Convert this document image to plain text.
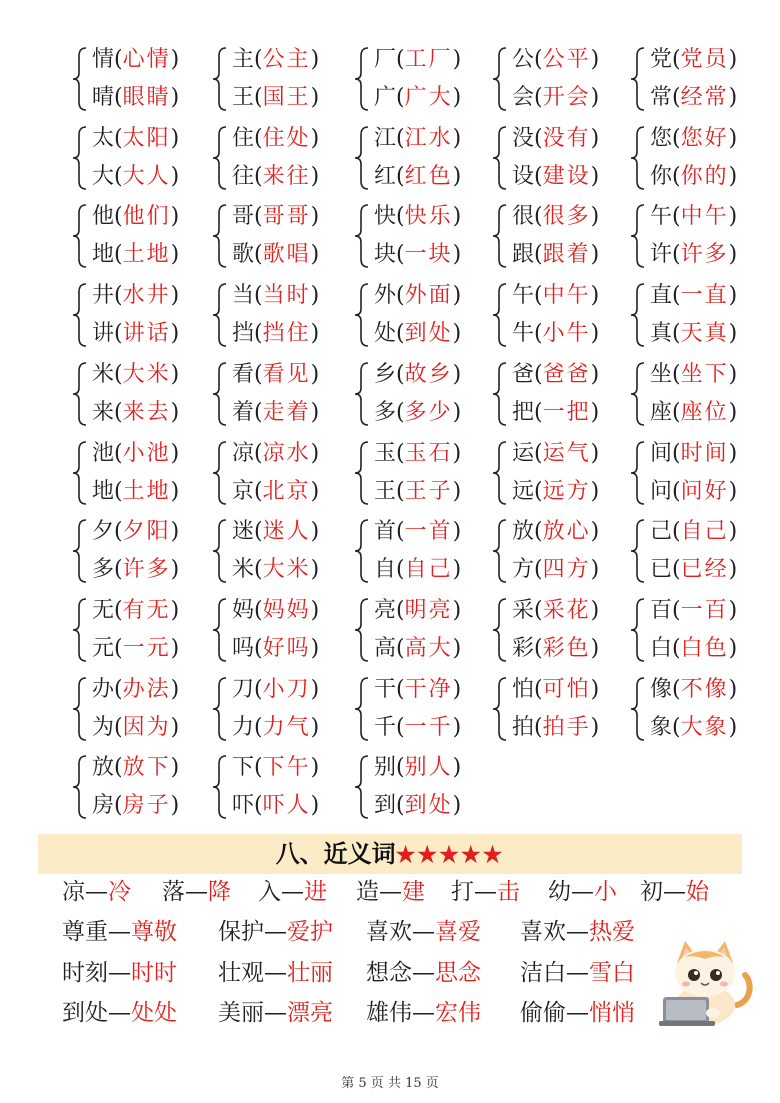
情(心情)
晴(眼睛)
主(公主)
王(国王)
厂(工厂)
广(广大)
公(公平)
会(开会)
党(党员)
常(经常)
太(太阳)
大(大人)
住(住处)
往(来往)
江(江水)
红(红色)
没(没有)
设(建设)
您(您好)
你(你的)
他(他们)
地(土地)
哥(哥哥)
歌(歌唱)
快(快乐)
块(一块)
很(很多)
跟(跟着)
午(中午)
许(许多)
井(水井)
讲(讲话)
当(当时)
挡(挡住)
外(外面)
处(到处)
午(中午)
牛(小牛)
直(一直)
真(天真)
米(大米)
来(来去)
看(看见)
着(走着)
乡(故乡)
多(多少)
爸(爸爸)
把(一把)
坐(坐下)
座(座位)
池(小池)
地(土地)
凉(凉水)
京(北京)
玉(玉石)
王(王子)
运(运气)
远(远方)
间(时间)
问(问好)
夕(夕阳)
多(许多)
迷(迷人)
米(大米)
首(一首)
自(自己)
放(放心)
方(四方)
己(自己)
已(已经)
无(有无)
元(一元)
妈(妈妈)
吗(好吗)
亮(明亮)
高(高大)
采(采花)
彩(彩色)
百(一百)
白(白色)
办(办法)
为(因为)
刀(小刀)
力(力气)
干(干净)
千(一千)
怕(可怕)
拍(拍手)
像(不像)
象(大象)
放(放下)
房(房子)
下(下午)
吓(吓人)
别(别人)
到(到处)
八、近义词★★★★★
凉—冷 落—降 入—进 造—建 打—击 幼—小 初—始
尊重—尊敬 保护—爱护 喜欢—喜爱 喜欢—热爱
时刻—时时 壮观—壮丽 想念—思念 洁白—雪白
到处—处处 美丽—漂亮 雄伟—宏伟 偷偷—悄悄
第 5 页 共 15 页
